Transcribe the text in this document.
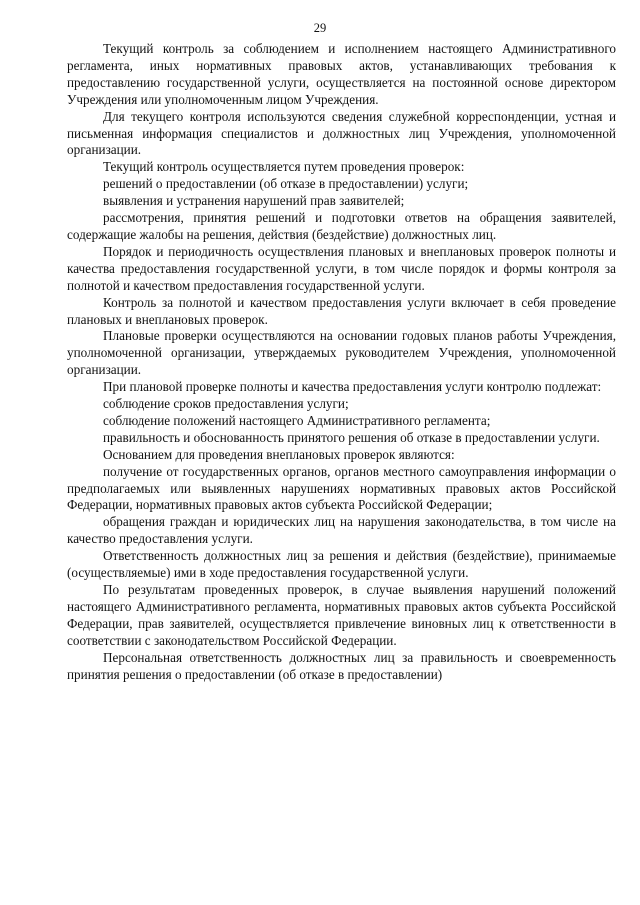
29

Текущий контроль за соблюдением и исполнением настоящего Административного регламента, иных нормативных правовых актов, устанавливающих требования к предоставлению государственной услуги, осуществляется на постоянной основе директором Учреждения или уполномоченным лицом Учреждения.

Для текущего контроля используются сведения служебной корреспонденции, устная и письменная информация специалистов и должностных лиц Учреждения, уполномоченной организации.

Текущий контроль осуществляется путем проведения проверок:

решений о предоставлении (об отказе в предоставлении) услуги;

выявления и устранения нарушений прав заявителей;

рассмотрения, принятия решений и подготовки ответов на обращения заявителей, содержащие жалобы на решения, действия (бездействие) должностных лиц.

Порядок и периодичность осуществления плановых и внеплановых проверок полноты и качества предоставления государственной услуги, в том числе порядок и формы контроля за полнотой и качеством предоставления государственной услуги.

Контроль за полнотой и качеством предоставления услуги включает в себя проведение плановых и внеплановых проверок.

Плановые проверки осуществляются на основании годовых планов работы Учреждения, уполномоченной организации, утверждаемых руководителем Учреждения, уполномоченной организации.

При плановой проверке полноты и качества предоставления услуги контролю подлежат:

соблюдение сроков предоставления услуги;

соблюдение положений настоящего Административного регламента;

правильность и обоснованность принятого решения об отказе в предоставлении услуги.

Основанием для проведения внеплановых проверок являются:

получение от государственных органов, органов местного самоуправления информации о предполагаемых или выявленных нарушениях нормативных правовых актов Российской Федерации, нормативных правовых актов субъекта Российской Федерации;

обращения граждан и юридических лиц на нарушения законодательства, в том числе на качество предоставления услуги.

Ответственность должностных лиц за решения и действия (бездействие), принимаемые (осуществляемые) ими в ходе предоставления государственной услуги.

По результатам проведенных проверок, в случае выявления нарушений положений настоящего Административного регламента, нормативных правовых актов субъекта Российской Федерации, прав заявителей, осуществляется привлечение виновных лиц к ответственности в соответствии с законодательством Российской Федерации.

Персональная ответственность должностных лиц за правильность и своевременность принятия решения о предоставлении (об отказе в предоставлении)
